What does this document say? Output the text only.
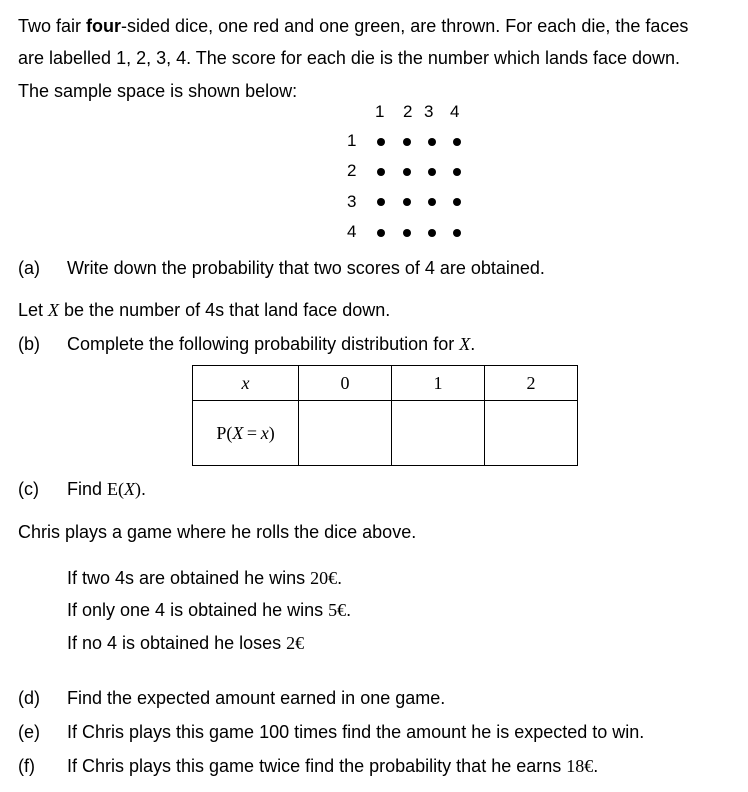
Two fair four-sided dice, one red and one green, are thrown. For each die, the faces
are labelled 1, 2, 3, 4. The score for each die is the number which lands face down.
The sample space is shown below:
1 2 3 4
1
2
3
4
(a) Write down the probability that two scores of 4 are obtained.
Let X be the number of 4s that land face down.
(b) Complete the following probability distribution for X.
x	0	1	2
P(X = x)			
(c) Find E(X).
Chris plays a game where he rolls the dice above.
If two 4s are obtained he wins 20€.
If only one 4 is obtained he wins 5€.
If no 4 is obtained he loses 2€
(d) Find the expected amount earned in one game.
(e) If Chris plays this game 100 times find the amount he is expected to win.
(f) If Chris plays this game twice find the probability that he earns 18€.
